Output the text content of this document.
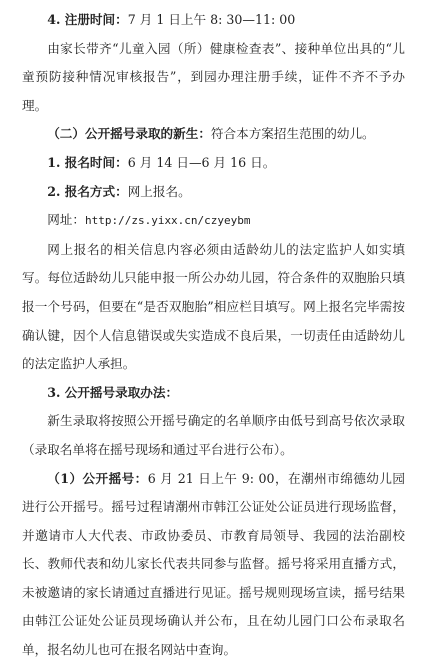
4. 注册时间：7 月 1 日上午 8: 30—11: 00

由家长带齐“儿童入园（所）健康检查表”、接种单位出具的“儿童预防接种情况审核报告”，到园办理注册手续，证件不齐不予办理。

（二）公开摇号录取的新生：符合本方案招生范围的幼儿。

1. 报名时间：6 月 14 日—6 月 16 日。

2. 报名方式：网上报名。

网址：http://zs.yixx.cn/czyeybm

网上报名的相关信息内容必须由适龄幼儿的法定监护人如实填写。每位适龄幼儿只能申报一所公办幼儿园，符合条件的双胞胎只填报一个号码，但要在“是否双胞胎”相应栏目填写。网上报名完毕需按确认键，因个人信息错误或失实造成不良后果，一切责任由适龄幼儿的法定监护人承担。

3. 公开摇号录取办法：

新生录取将按照公开摇号确定的名单顺序由低号到高号依次录取（录取名单将在摇号现场和通过平台进行公布）。

（1）公开摇号：6 月 21 日上午 9: 00，在潮州市绵德幼儿园进行公开摇号。摇号过程请潮州市韩江公证处公证员进行现场监督，并邀请市人大代表、市政协委员、市教育局领导、我园的法治副校长、教师代表和幼儿家长代表共同参与监督。摇号将采用直播方式，未被邀请的家长请通过直播进行见证。摇号规则现场宣读，摇号结果由韩江公证处公证员现场确认并公布，且在幼儿园门口公布录取名单，报名幼儿也可在报名网站中查询。
